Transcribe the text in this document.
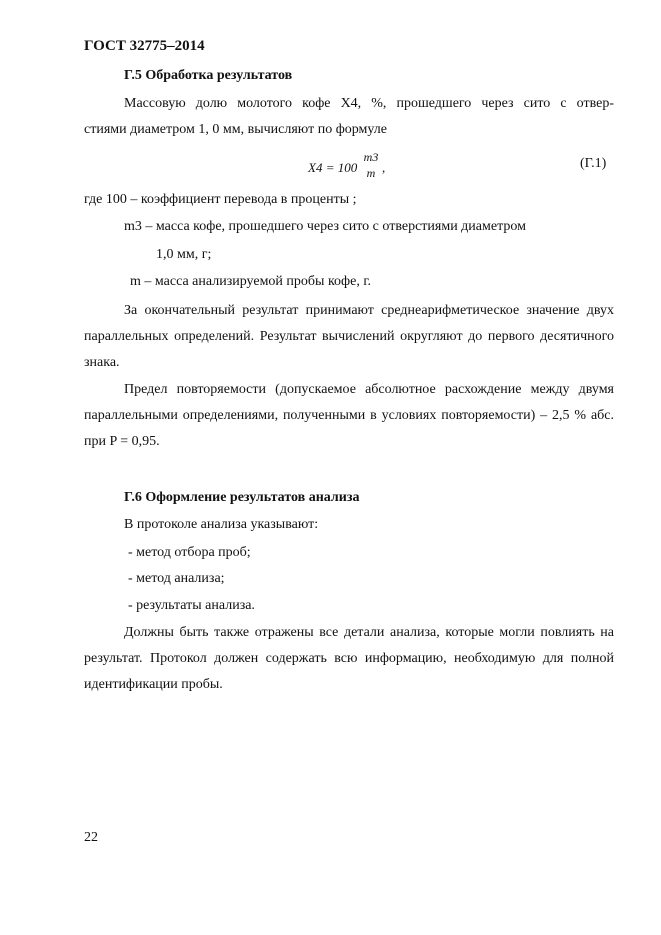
ГОСТ 32775–2014
Г.5 Обработка результатов
Массовую долю молотого кофе X4, %, прошедшего через сито с отвер-
стиями диаметром 1, 0 мм, вычисляют по формуле
X4 = 100
m3
m ,	(Г.1)
где 100 – коэффициент перевода в проценты ;
m3 – масса кофе, прошедшего через сито с отверстиями диаметром
1,0 мм, г;
m – масса анализируемой пробы кофе, г.
За окончательный результат принимают среднеарифметическое значение двух параллельных определений. Результат вычислений округляют до первого десятичного знака.
Предел повторяемости (допускаемое абсолютное расхождение между двумя параллельными определениями, полученными в условиях повторяемости) – 2,5 % абс. при P = 0,95.
Г.6 Оформление результатов анализа
В протоколе анализа указывают:
- метод отбора проб;
- метод анализа;
- результаты анализа.
Должны быть также отражены все детали анализа, которые могли повлиять на результат. Протокол должен содержать всю информацию, необходимую для полной идентификации пробы.
22
